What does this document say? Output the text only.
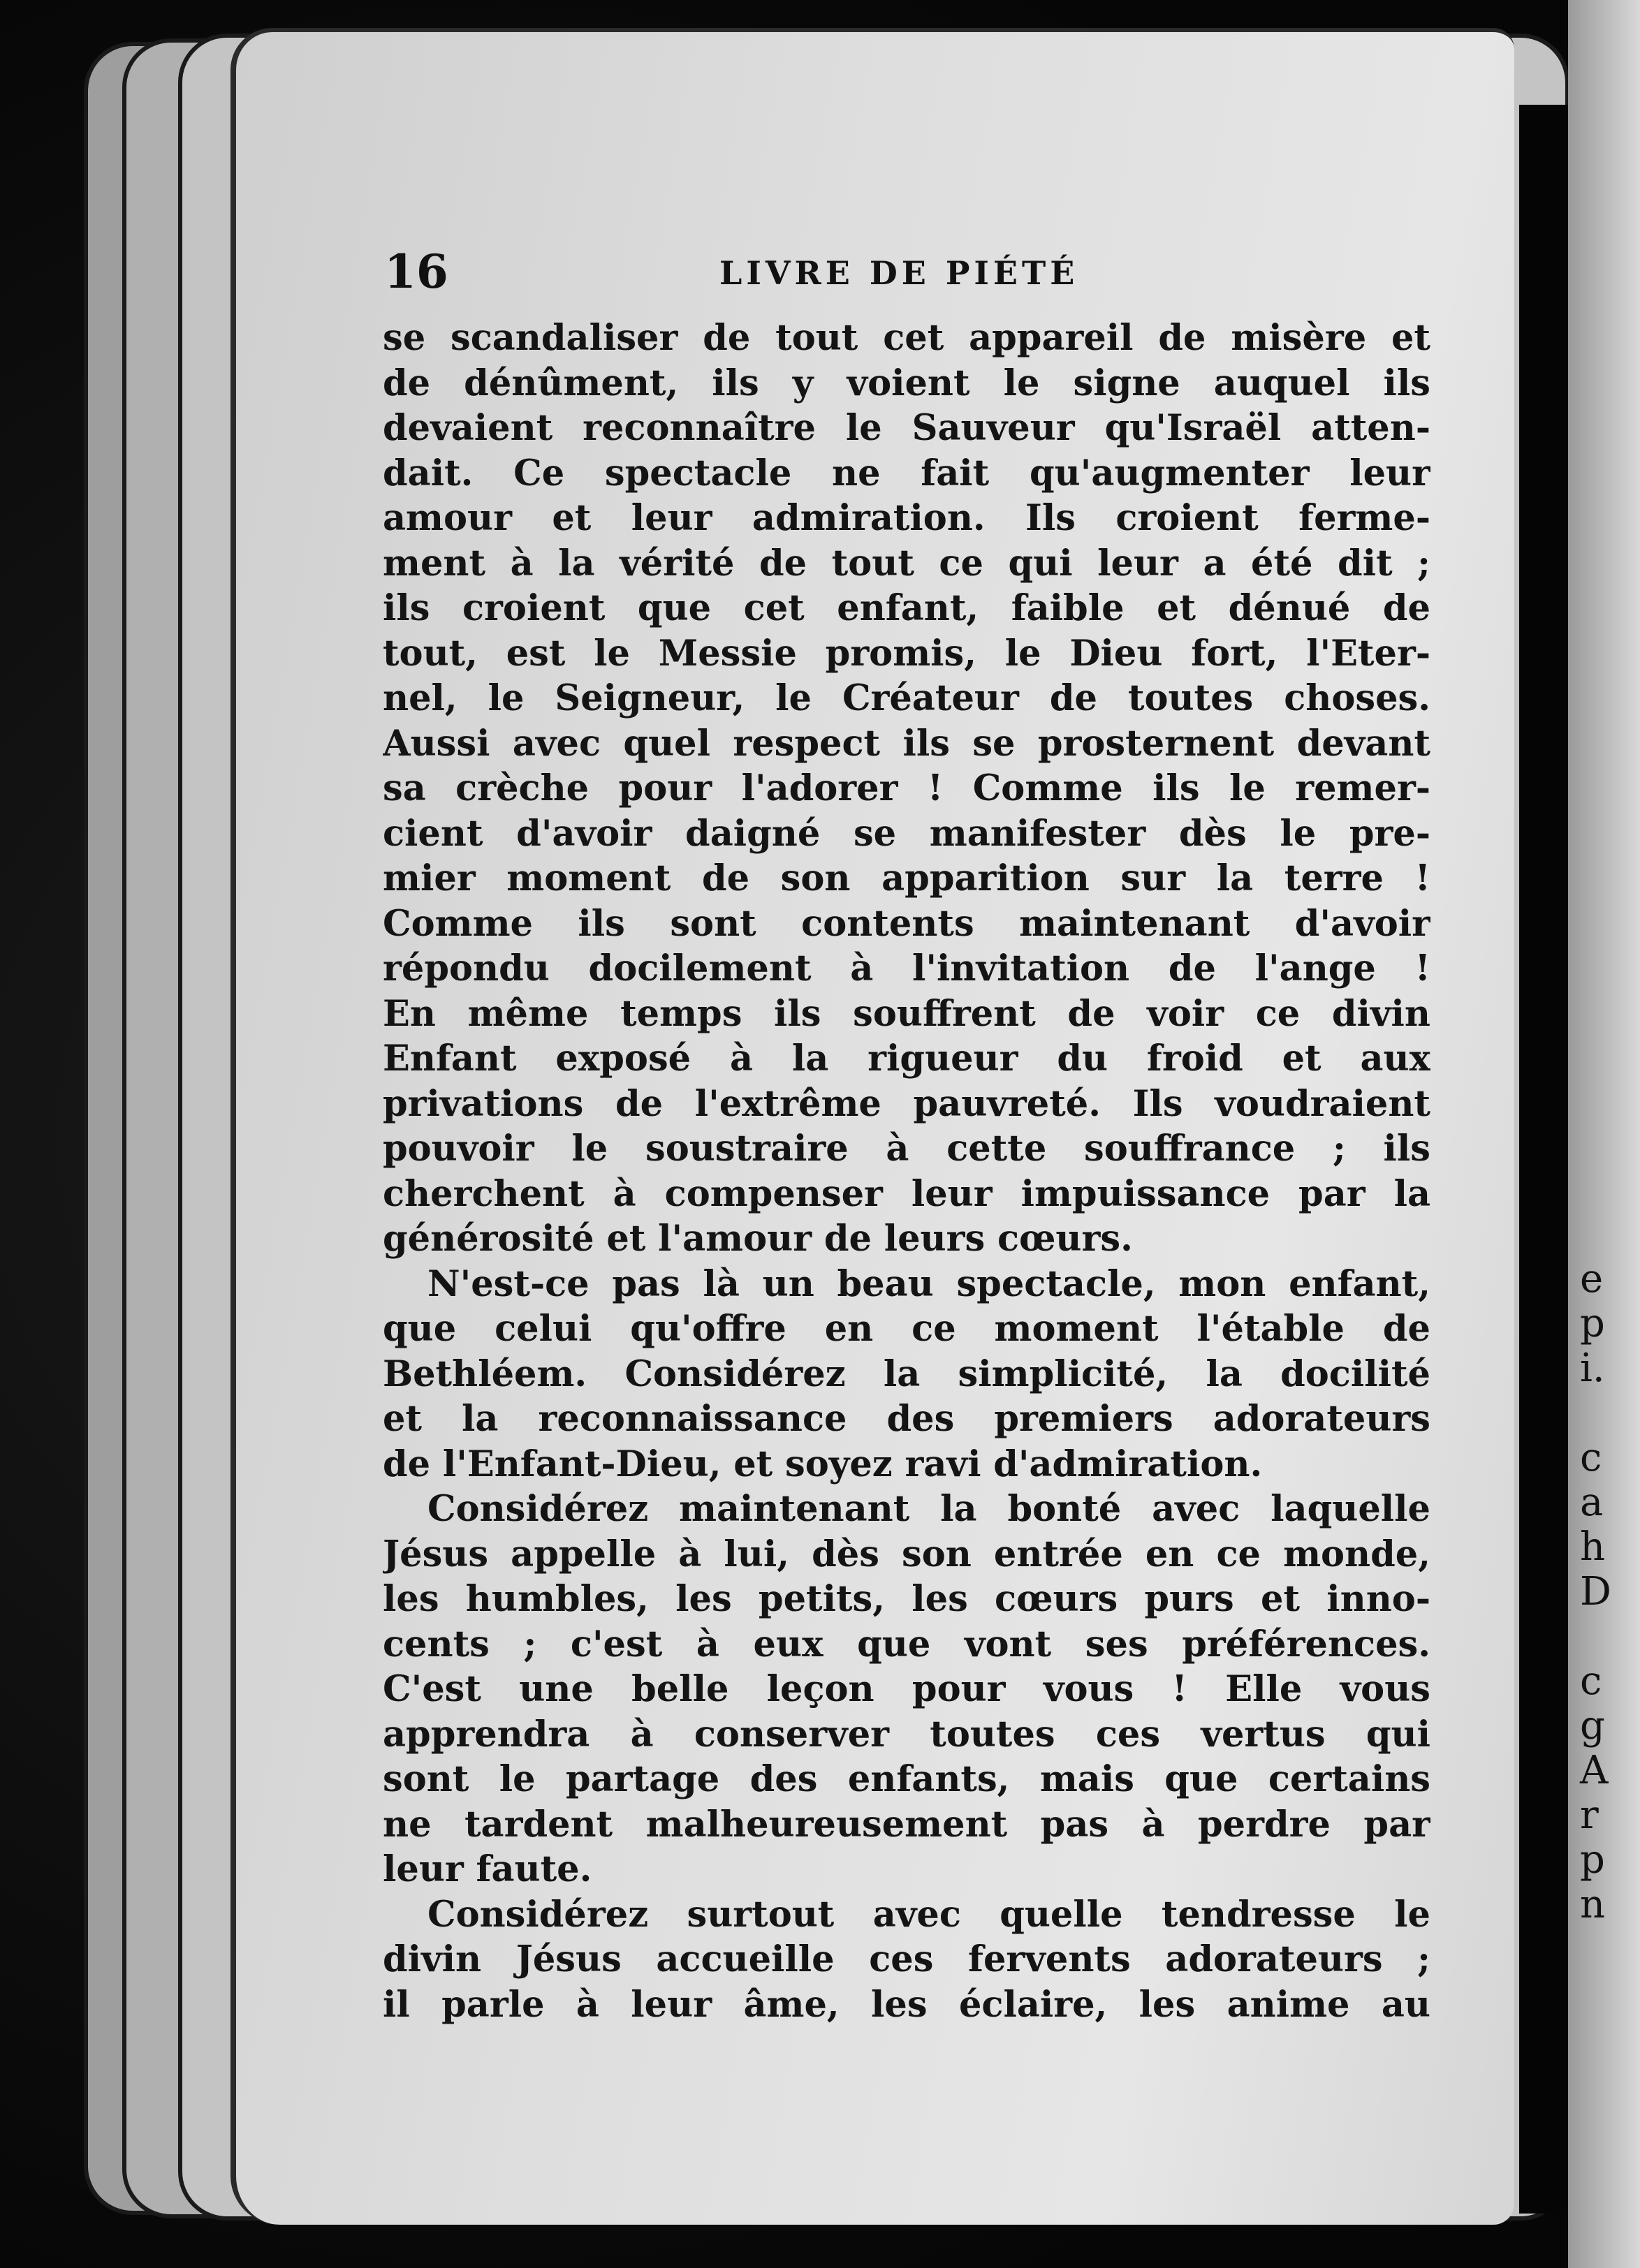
16	LIVRE DE PIÉTÉ
se scandaliser de tout cet appareil de misère et
de dénûment, ils y voient le signe auquel ils
devaient reconnaître le Sauveur qu'Israël atten-
dait. Ce spectacle ne fait qu'augmenter leur
amour et leur admiration. Ils croient ferme-
ment à la vérité de tout ce qui leur a été dit ;
ils croient que cet enfant, faible et dénué de
tout, est le Messie promis, le Dieu fort, l'Eter-
nel, le Seigneur, le Créateur de toutes choses.
Aussi avec quel respect ils se prosternent devant
sa crèche pour l'adorer ! Comme ils le remer-
cient d'avoir daigné se manifester dès le pre-
mier moment de son apparition sur la terre !
Comme ils sont contents maintenant d'avoir
répondu docilement à l'invitation de l'ange !
En même temps ils souffrent de voir ce divin
Enfant exposé à la rigueur du froid et aux
privations de l'extrême pauvreté. Ils voudraient
pouvoir le soustraire à cette souffrance ; ils
cherchent à compenser leur impuissance par la
générosité et l'amour de leurs cœurs.
N'est-ce pas là un beau spectacle, mon enfant,
que celui qu'offre en ce moment l'étable de
Bethléem. Considérez la simplicité, la docilité
et la reconnaissance des premiers adorateurs
de l'Enfant-Dieu, et soyez ravi d'admiration.
Considérez maintenant la bonté avec laquelle
Jésus appelle à lui, dès son entrée en ce monde,
les humbles, les petits, les cœurs purs et inno-
cents ; c'est à eux que vont ses préférences.
C'est une belle leçon pour vous ! Elle vous
apprendra à conserver toutes ces vertus qui
sont le partage des enfants, mais que certains
ne tardent malheureusement pas à perdre par
leur faute.
Considérez surtout avec quelle tendresse le
divin Jésus accueille ces fervents adorateurs ;
il parle à leur âme, les éclaire, les anime au
e
p
i.
c
a
h
D
c
g
A
r
p
n
